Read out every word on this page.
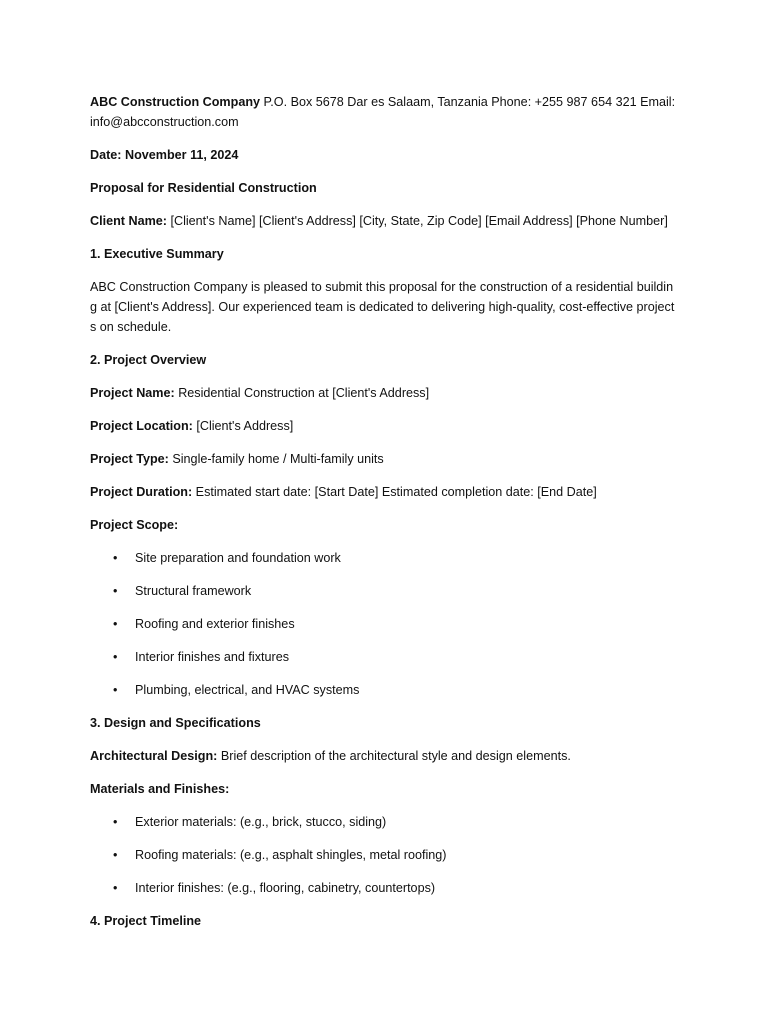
ABC Construction Company P.O. Box 5678 Dar es Salaam, Tanzania Phone: +255 987 654 321 Email: info@abcconstruction.com

Date: November 11, 2024

Proposal for Residential Construction

Client Name: [Client's Name] [Client's Address] [City, State, Zip Code] [Email Address] [Phone Number]

1. Executive Summary

ABC Construction Company is pleased to submit this proposal for the construction of a residential building at [Client's Address]. Our experienced team is dedicated to delivering high-quality, cost-effective projects on schedule.

2. Project Overview

Project Name: Residential Construction at [Client's Address]

Project Location: [Client's Address]

Project Type: Single-family home / Multi-family units

Project Duration: Estimated start date: [Start Date] Estimated completion date: [End Date]

Project Scope:

• Site preparation and foundation work
• Structural framework
• Roofing and exterior finishes
• Interior finishes and fixtures
• Plumbing, electrical, and HVAC systems

3. Design and Specifications

Architectural Design: Brief description of the architectural style and design elements.

Materials and Finishes:

• Exterior materials: (e.g., brick, stucco, siding)
• Roofing materials: (e.g., asphalt shingles, metal roofing)
• Interior finishes: (e.g., flooring, cabinetry, countertops)

4. Project Timeline
